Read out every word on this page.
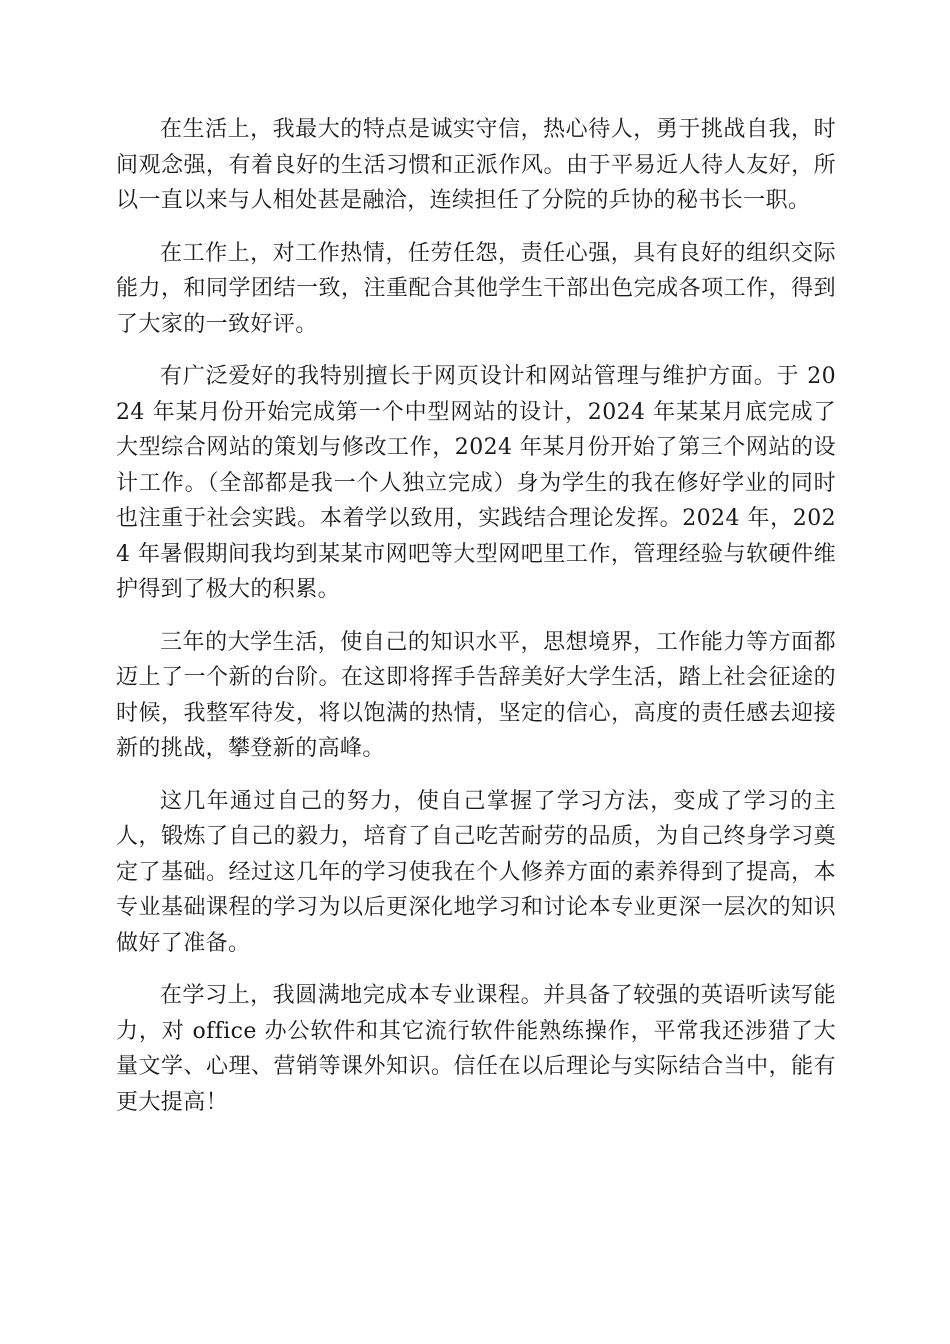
在生活上，我最大的特点是诚实守信，热心待人，勇于挑战自我，时间观念强，有着良好的生活习惯和正派作风。由于平易近人待人友好，所以一直以来与人相处甚是融洽，连续担任了分院的乒协的秘书长一职。

在工作上，对工作热情，任劳任怨，责任心强，具有良好的组织交际能力，和同学团结一致，注重配合其他学生干部出色完成各项工作，得到了大家的一致好评。

有广泛爱好的我特别擅长于网页设计和网站管理与维护方面。于 2024 年某月份开始完成第一个中型网站的设计，2024 年某某月底完成了大型综合网站的策划与修改工作，2024 年某月份开始了第三个网站的设计工作。（全部都是我一个人独立完成）身为学生的我在修好学业的同时也注重于社会实践。本着学以致用，实践结合理论发挥。2024 年，2024 年暑假期间我均到某某市网吧等大型网吧里工作，管理经验与软硬件维护得到了极大的积累。

三年的大学生活，使自己的知识水平，思想境界，工作能力等方面都迈上了一个新的台阶。在这即将挥手告辞美好大学生活，踏上社会征途的时候，我整军待发，将以饱满的热情，坚定的信心，高度的责任感去迎接新的挑战，攀登新的高峰。

这几年通过自己的努力，使自己掌握了学习方法，变成了学习的主人，锻炼了自己的毅力，培育了自己吃苦耐劳的品质，为自己终身学习奠定了基础。经过这几年的学习使我在个人修养方面的素养得到了提高，本专业基础课程的学习为以后更深化地学习和讨论本专业更深一层次的知识做好了准备。

在学习上，我圆满地完成本专业课程。并具备了较强的英语听读写能力，对 office 办公软件和其它流行软件能熟练操作，平常我还涉猎了大量文学、心理、营销等课外知识。信任在以后理论与实际结合当中，能有更大提高！
